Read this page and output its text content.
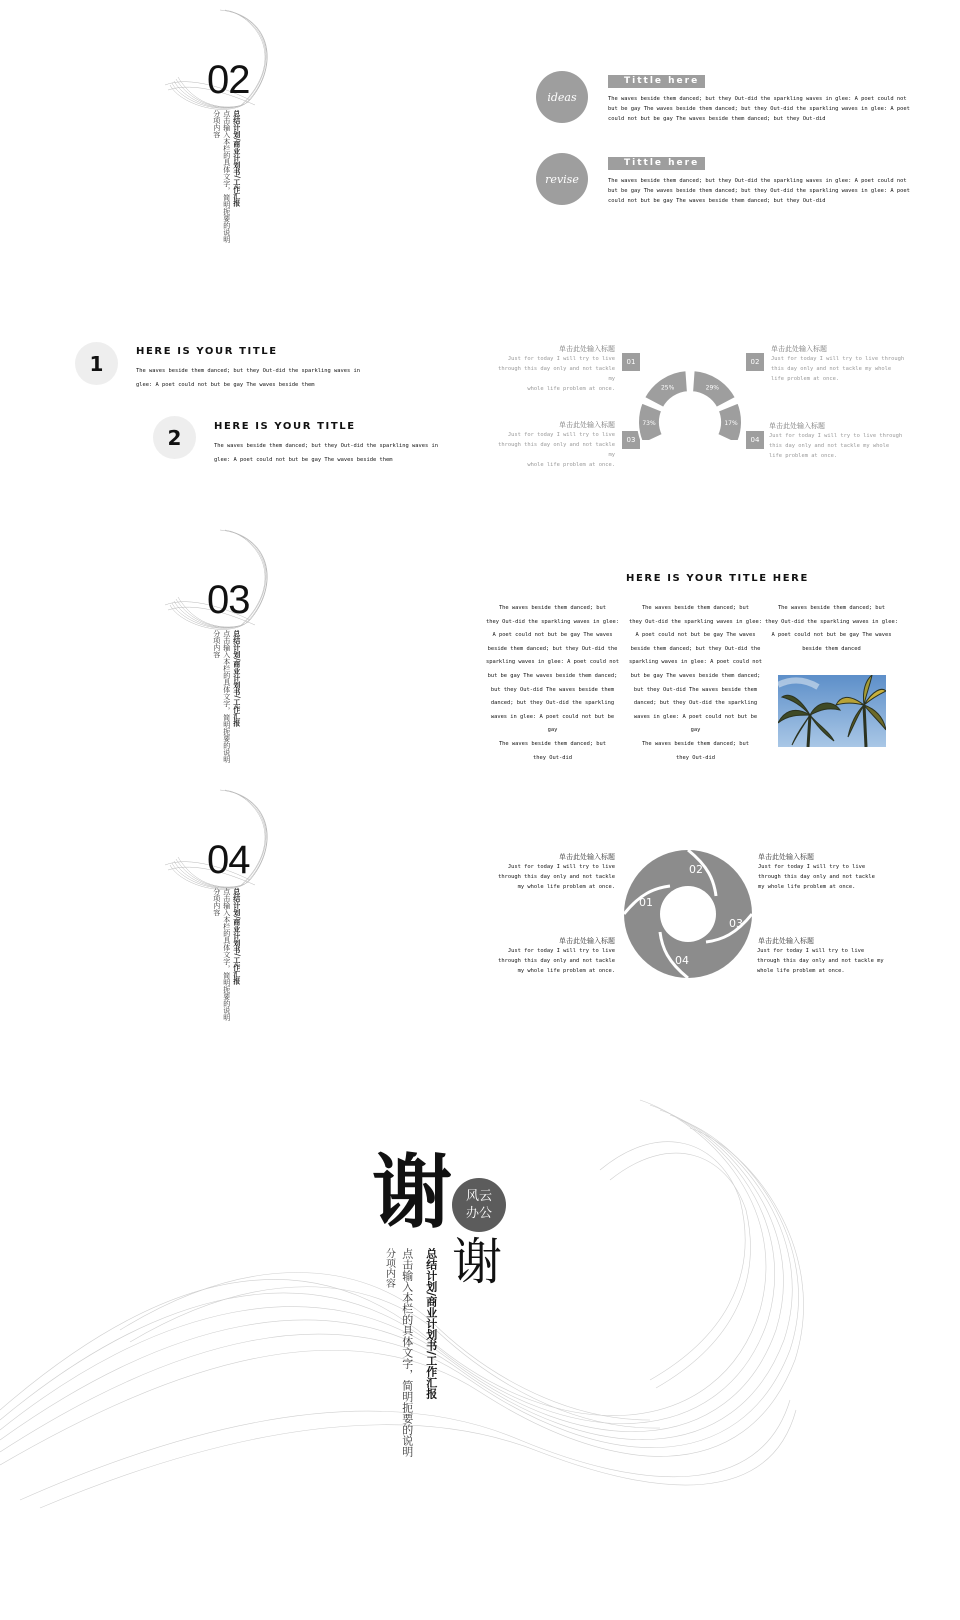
02
总结计划/商业计划书/工作汇报
点击输入本栏的具体文字，简明扼要的说明
分项内容
ideas
Tittle here
The waves beside them danced; but they Out-did the sparkling waves in glee: A poet could not
but be gay The waves beside them danced; but they Out-did the sparkling waves in glee: A poet
could not but be gay The waves beside them danced; but they Out-did
revise
Tittle here
The waves beside them danced; but they Out-did the sparkling waves in glee: A poet could not
but be gay The waves beside them danced; but they Out-did the sparkling waves in glee: A poet
could not but be gay The waves beside them danced; but they Out-did
1	HERE IS YOUR TITLE
The waves beside them danced; but they Out-did the sparkling waves in
glee: A poet could not but be gay The waves beside them
2	HERE IS YOUR TITLE
The waves beside them danced; but they Out-did the sparkling waves in
glee: A poet could not but be gay The waves beside them
单击此处输入标题
Just for today I will try to live
through this day only and not tackle my
whole life problem at once.
01	02
单击此处输入标题
Just for today I will try to live through
this day only and not tackle my whole
life problem at once.
单击此处输入标题
Just for today I will try to live
through this day only and not tackle my
whole life problem at once.
03	04
单击此处输入标题
Just for today I will try to live through
this day only and not tackle my whole
life problem at once.
73%
25%	29%
17%
03
总结计划/商业计划书/工作汇报
点击输入本栏的具体文字，简明扼要的说明
分项内容
HERE IS YOUR TITLE HERE
The waves beside them danced; but
they Out-did the sparkling waves in glee:
A poet could not but be gay The waves
beside them danced; but they Out-did the
sparkling waves in glee: A poet could not
but be gay The waves beside them danced;
but they Out-did The waves beside them
danced; but they Out-did the sparkling
waves in glee: A poet could not but be gay
The waves beside them danced; but
they Out-did
The waves beside them danced; but
they Out-did the sparkling waves in glee:
A poet could not but be gay The waves
beside them danced; but they Out-did the
sparkling waves in glee: A poet could not
but be gay The waves beside them danced;
but they Out-did The waves beside them
danced; but they Out-did the sparkling
waves in glee: A poet could not but be gay
The waves beside them danced; but
they Out-did
The waves beside them danced; but
they Out-did the sparkling waves in glee:
A poet could not but be gay The waves
beside them danced
04
总结计划/商业计划书/工作汇报
点击输入本栏的具体文字，简明扼要的说明
分项内容
单击此处输入标题
Just for today I will try to live
through this day only and not tackle
my whole life problem at once.
单击此处输入标题
Just for today I will try to live
through this day only and not tackle
my whole life problem at once.
单击此处输入标题
Just for today I will try to live
through this day only and not tackle
my whole life problem at once.
单击此处输入标题
Just for today I will try to live
through this day only and not tackle my
whole life problem at once.
01
02
03
04
谢	风云
办公
谢
总结计划/商业计划书/工作汇报
点击输入本栏的具体文字，简明扼要的说明
分项内容
